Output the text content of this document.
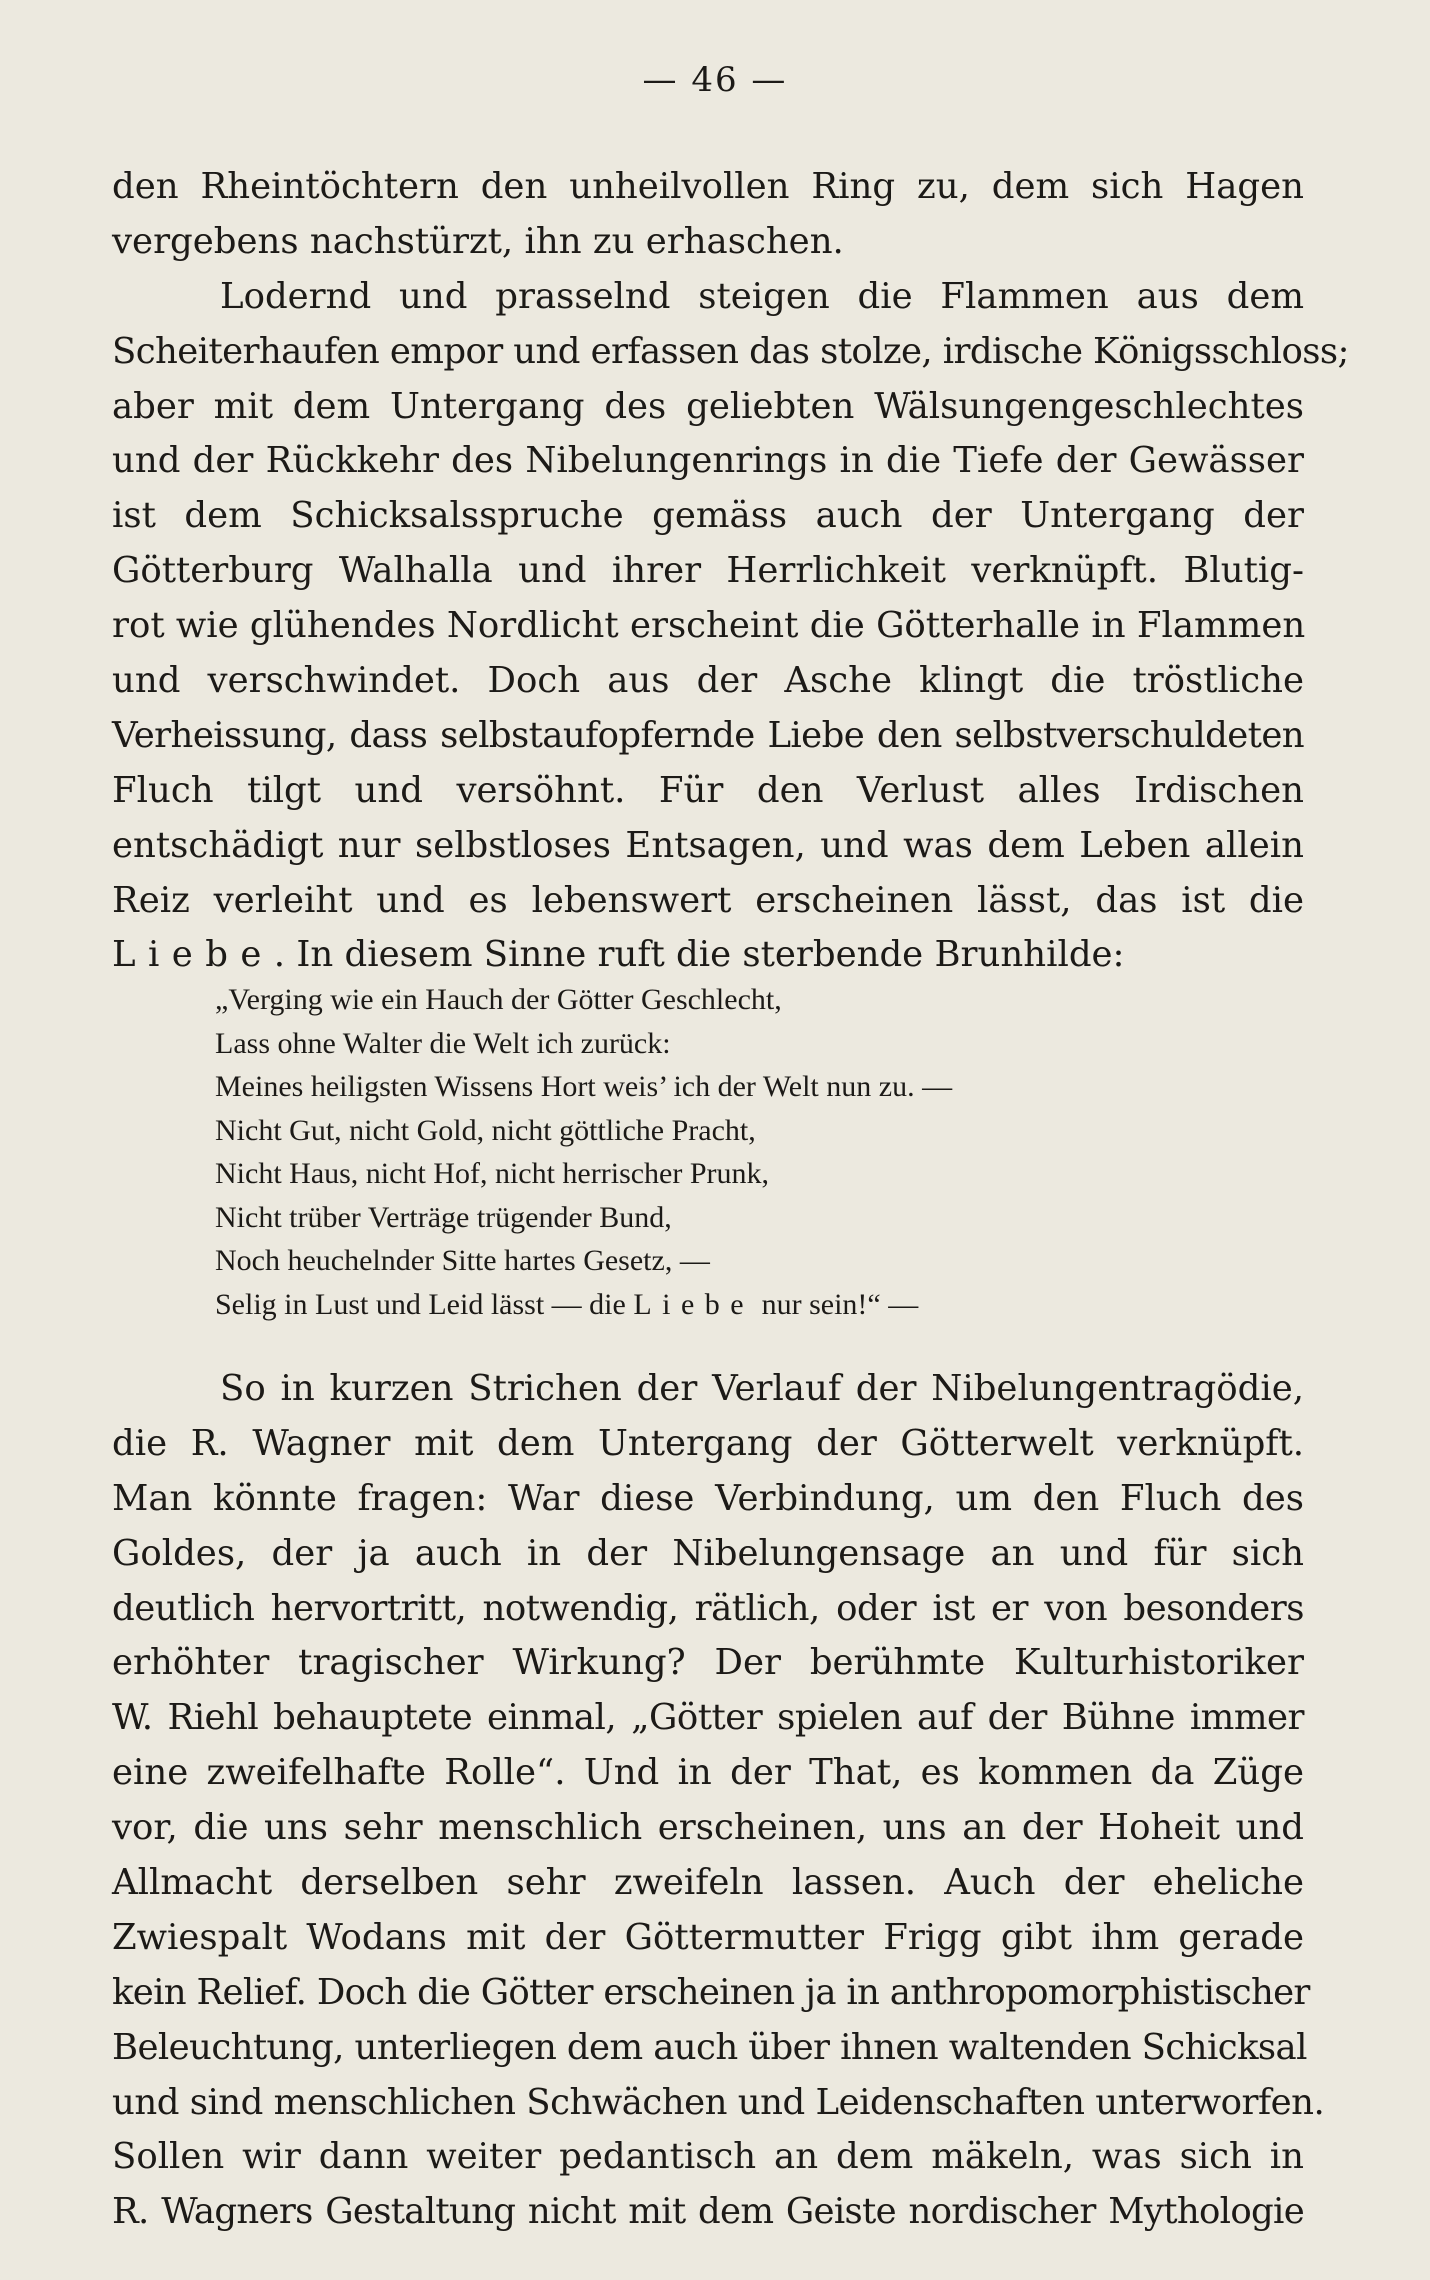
— 46 —
den Rheintöchtern den unheilvollen Ring zu, dem sich Hagen
vergebens nachstürzt, ihn zu erhaschen.
Lodernd und prasselnd steigen die Flammen aus dem
Scheiterhaufen empor und erfassen das stolze, irdische Königsschloss;
aber mit dem Untergang des geliebten Wälsungengeschlechtes
und der Rückkehr des Nibelungenrings in die Tiefe der Gewässer
ist dem Schicksalsspruche gemäss auch der Untergang der
Götterburg Walhalla und ihrer Herrlichkeit verknüpft. Blutig-
rot wie glühendes Nordlicht erscheint die Götterhalle in Flammen
und verschwindet. Doch aus der Asche klingt die tröstliche
Verheissung, dass selbstaufopfernde Liebe den selbstverschuldeten
Fluch tilgt und versöhnt. Für den Verlust alles Irdischen
entschädigt nur selbstloses Entsagen, und was dem Leben allein
Reiz verleiht und es lebenswert erscheinen lässt, das ist die
Liebe. In diesem Sinne ruft die sterbende Brunhilde:
„Verging wie ein Hauch der Götter Geschlecht,
Lass ohne Walter die Welt ich zurück:
Meines heiligsten Wissens Hort weis’ ich der Welt nun zu. —
Nicht Gut, nicht Gold, nicht göttliche Pracht,
Nicht Haus, nicht Hof, nicht herrischer Prunk,
Nicht trüber Verträge trügender Bund,
Noch heuchelnder Sitte hartes Gesetz, —
Selig in Lust und Leid lässt — die Liebe nur sein!“ —
So in kurzen Strichen der Verlauf der Nibelungentragödie,
die R. Wagner mit dem Untergang der Götterwelt verknüpft.
Man könnte fragen: War diese Verbindung, um den Fluch des
Goldes, der ja auch in der Nibelungensage an und für sich
deutlich hervortritt, notwendig, rätlich, oder ist er von besonders
erhöhter tragischer Wirkung? Der berühmte Kulturhistoriker
W. Riehl behauptete einmal, „Götter spielen auf der Bühne immer
eine zweifelhafte Rolle“. Und in der That, es kommen da Züge
vor, die uns sehr menschlich erscheinen, uns an der Hoheit und
Allmacht derselben sehr zweifeln lassen. Auch der eheliche
Zwiespalt Wodans mit der Göttermutter Frigg gibt ihm gerade
kein Relief. Doch die Götter erscheinen ja in anthropomorphistischer
Beleuchtung, unterliegen dem auch über ihnen waltenden Schicksal
und sind menschlichen Schwächen und Leidenschaften unterworfen.
Sollen wir dann weiter pedantisch an dem mäkeln, was sich in
R. Wagners Gestaltung nicht mit dem Geiste nordischer Mythologie
